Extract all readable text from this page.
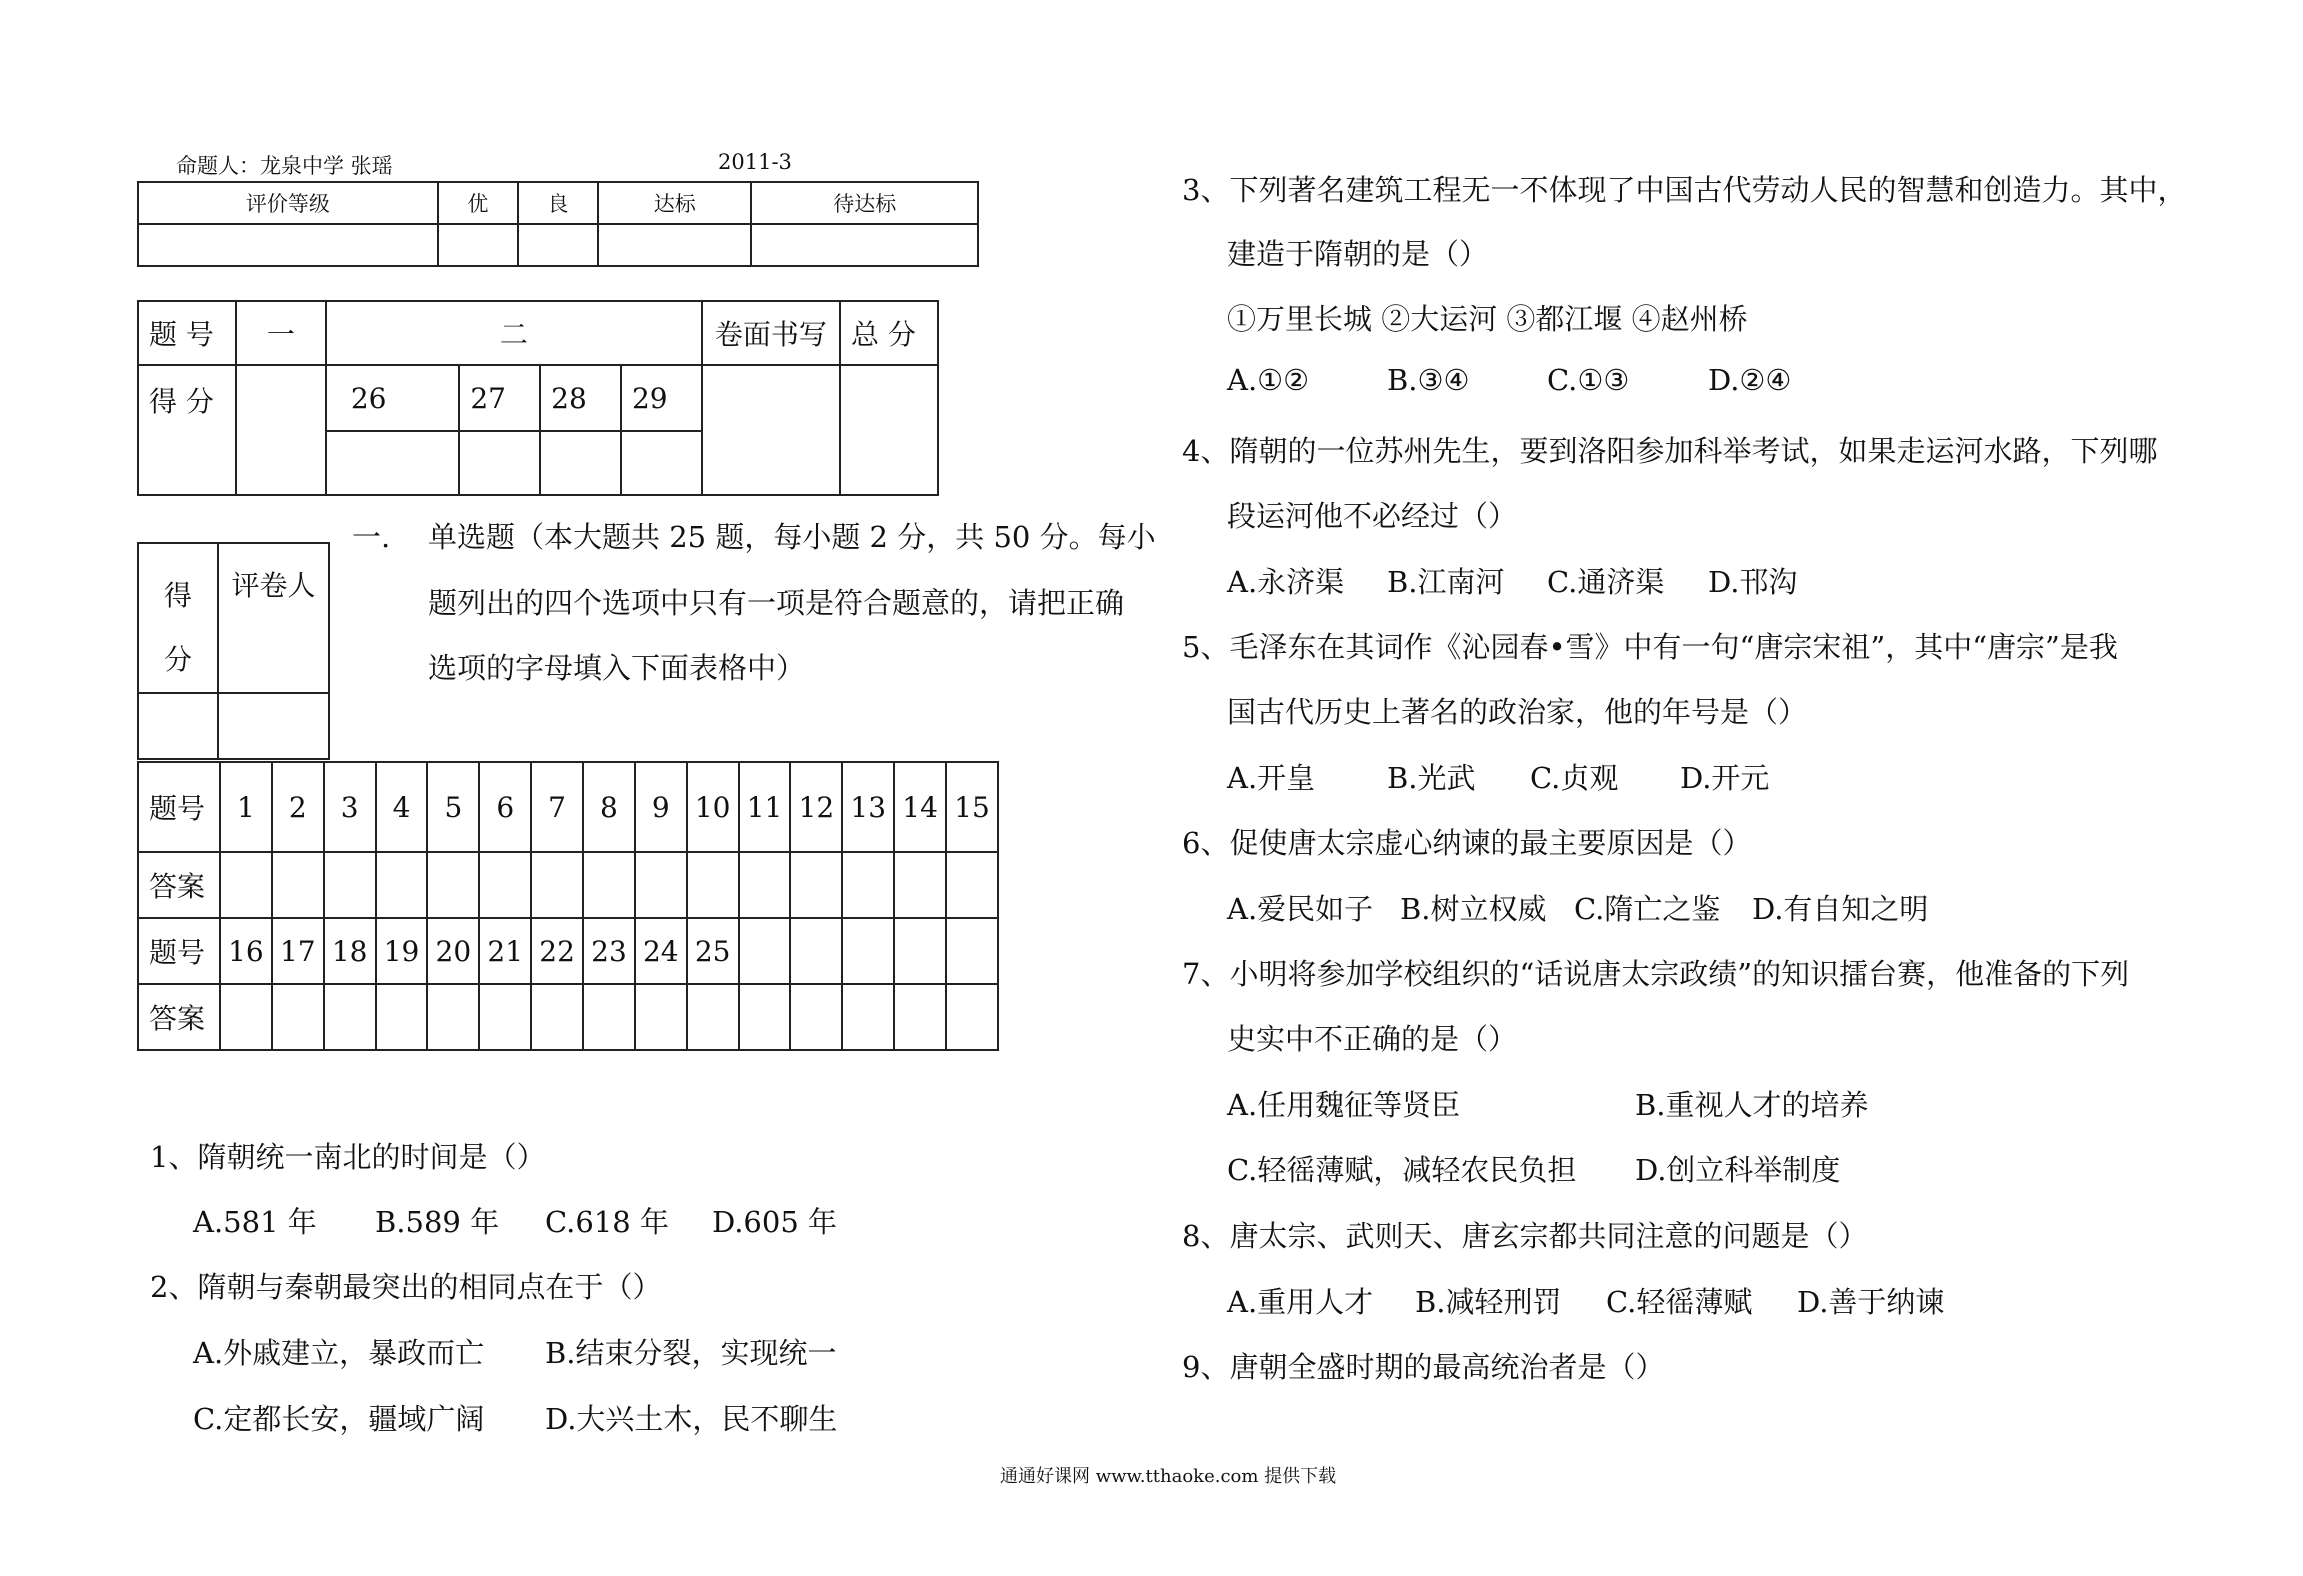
命题人：龙泉中学 张瑶	2011-3
评价等级	优	良	达标	待达标

题 号	一	二				卷面书写	总 分
得 分		26	27	28	29		

得
分	评卷人

一. 单选题（本大题共 25 题，每小题 2 分，共 50 分。每小
题列出的四个选项中只有一项是符合题意的，请把正确
选项的字母填入下面表格中）
题号	1	2	3	4	5	6	7	8	9	10	11	12	13	14	15
答案															
题号	16	17	18	19	20	21	22	23	24	25					
答案															
1、隋朝统一南北的时间是（）
A.581 年 B.589 年 C.618 年 D.605 年
2、隋朝与秦朝最突出的相同点在于（）
A.外戚建立，暴政而亡 B.结束分裂，实现统一
C.定都长安，疆域广阔 D.大兴土木，民不聊生
3、下列著名建筑工程无一不体现了中国古代劳动人民的智慧和创造力。其中，
建造于隋朝的是（）
①万里长城 ②大运河 ③都江堰 ④赵州桥
A.①②	B.③④	C.①③	D.②④
4、隋朝的一位苏州先生，要到洛阳参加科举考试，如果走运河水路，下列哪
段运河他不必经过（）
A.永济渠 B.江南河 C.通济渠 D.邗沟
5、毛泽东在其词作《沁园春•雪》中有一句“唐宗宋祖”，其中“唐宗”是我
国古代历史上著名的政治家，他的年号是（）
A.开皇 B.光武 C.贞观 D.开元
6、促使唐太宗虚心纳谏的最主要原因是（）
A.爱民如子 B.树立权威 C.隋亡之鉴 D.有自知之明
7、小明将参加学校组织的“话说唐太宗政绩”的知识擂台赛，他准备的下列
史实中不正确的是（）
A.任用魏征等贤臣	B.重视人才的培养
C.轻徭薄赋，减轻农民负担 D.创立科举制度
8、唐太宗、武则天、唐玄宗都共同注意的问题是（）
A.重用人才 B.减轻刑罚 C.轻徭薄赋 D.善于纳谏
9、唐朝全盛时期的最高统治者是（）
通通好课网 www.tthaoke.com 提供下载
